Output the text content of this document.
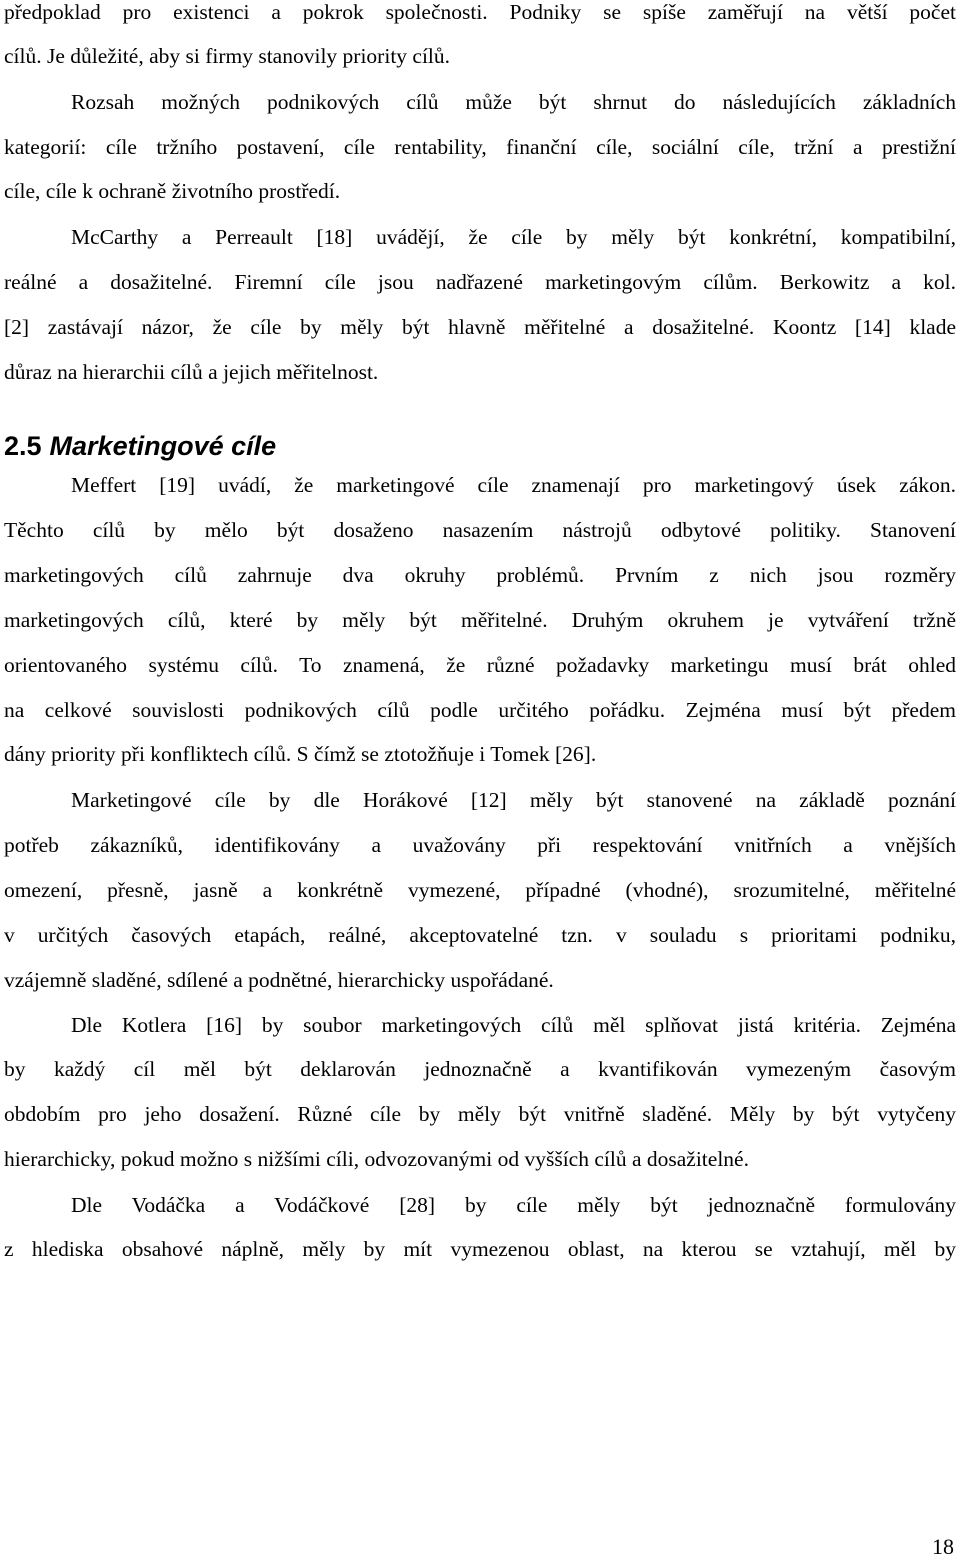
předpoklad pro existenci a pokrok společnosti. Podniky se spíše zaměřují na větší počet
cílů. Je důležité, aby si firmy stanovily priority cílů.
Rozsah možných podnikových cílů může být shrnut do následujících základních
kategorií: cíle tržního postavení, cíle rentability, finanční cíle, sociální cíle, tržní a prestižní
cíle, cíle k ochraně životního prostředí.
McCarthy a Perreault [18] uvádějí, že cíle by měly být konkrétní, kompatibilní,
reálné a dosažitelné. Firemní cíle jsou nadřazené marketingovým cílům. Berkowitz a kol.
[2] zastávají názor, že cíle by měly být hlavně měřitelné a dosažitelné. Koontz [14] klade
důraz na hierarchii cílů a jejich měřitelnost.
2.5 Marketingové cíle
Meffert [19] uvádí, že marketingové cíle znamenají pro marketingový úsek zákon.
Těchto cílů by mělo být dosaženo nasazením nástrojů odbytové politiky. Stanovení
marketingových cílů zahrnuje dva okruhy problémů. Prvním z nich jsou rozměry
marketingových cílů, které by měly být měřitelné. Druhým okruhem je vytváření tržně
orientovaného systému cílů. To znamená, že různé požadavky marketingu musí brát ohled
na celkové souvislosti podnikových cílů podle určitého pořádku. Zejména musí být předem
dány priority při konfliktech cílů. S čímž se ztotožňuje i Tomek [26].
Marketingové cíle by dle Horákové [12] měly být stanovené na základě poznání
potřeb zákazníků, identifikovány a uvažovány při respektování vnitřních a vnějších
omezení, přesně, jasně a konkrétně vymezené, případné (vhodné), srozumitelné, měřitelné
v určitých časových etapách, reálné, akceptovatelné tzn. v souladu s prioritami podniku,
vzájemně sladěné, sdílené a podnětné, hierarchicky uspořádané.
Dle Kotlera [16] by soubor marketingových cílů měl splňovat jistá kritéria. Zejména
by každý cíl měl být deklarován jednoznačně a kvantifikován vymezeným časovým
obdobím pro jeho dosažení. Různé cíle by měly být vnitřně sladěné. Měly by být vytyčeny
hierarchicky, pokud možno s nižšími cíli, odvozovanými od vyšších cílů a dosažitelné.
Dle Vodáčka a Vodáčkové [28] by cíle měly být jednoznačně formulovány
z hlediska obsahové náplně, měly by mít vymezenou oblast, na kterou se vztahují, měl by
18
